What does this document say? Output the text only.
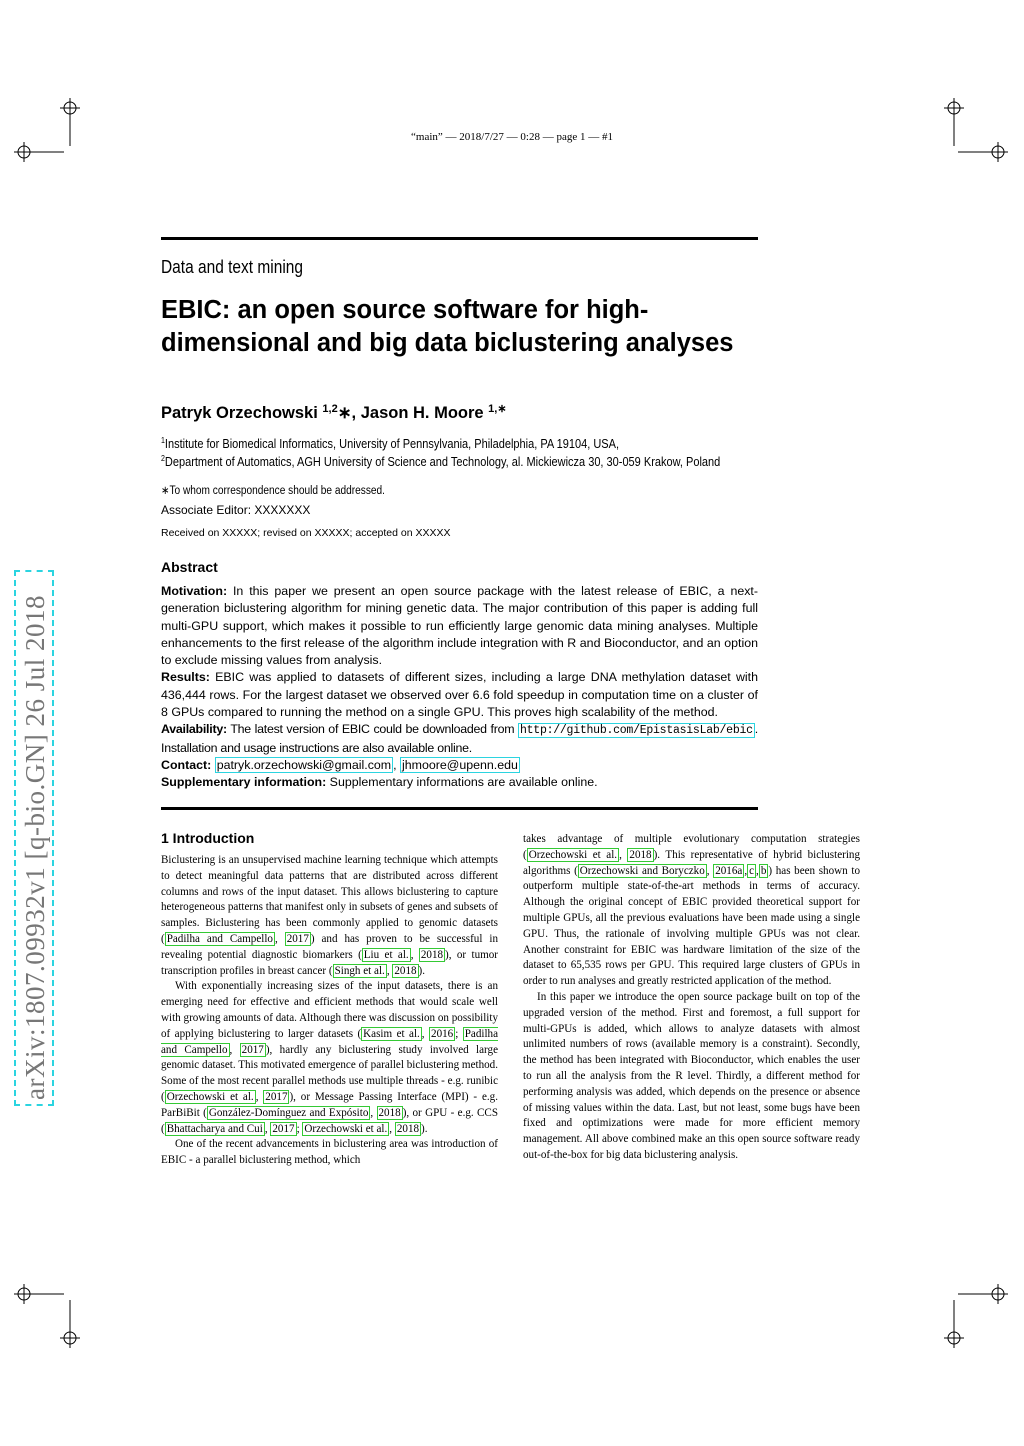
“main” — 2018/7/27 — 0:28 — page 1 — #1
Data and text mining
EBIC: an open source software for high-dimensional and big data biclustering analyses
Patryk Orzechowski $^{1,2}$∗, Jason H. Moore $^{1,∗}$
$^1$Institute for Biomedical Informatics, University of Pennsylvania, Philadelphia, PA 19104, USA,
$^2$Department of Automatics, AGH University of Science and Technology, al. Mickiewicza 30, 30-059 Krakow, Poland
∗To whom correspondence should be addressed.
Associate Editor: XXXXXXX
Received on XXXXX; revised on XXXXX; accepted on XXXXX
Abstract

Motivation: In this paper we present an open source package with the latest release of EBIC, a next-generation biclustering algorithm for mining genetic data. The major contribution of this paper is adding full multi-GPU support, which makes it possible to run efficiently large genomic data mining analyses. Multiple enhancements to the first release of the algorithm include integration with R and Bioconductor, and an option to exclude missing values from analysis.

Results: EBIC was applied to datasets of different sizes, including a large DNA methylation dataset with 436,444 rows. For the largest dataset we observed over 6.6 fold speedup in computation time on a cluster of 8 GPUs compared to running the method on a single GPU. This proves high scalability of the method.

Availability: The latest version of EBIC could be downloaded from http://github.com/EpistasisLab/ebic . Installation and usage instructions are also available online.

Contact: patryk.orzechowski@gmail.com , jhmoore@upenn.edu

Supplementary information: Supplementary informations are available online.

1 Introduction

Biclustering is an unsupervised machine learning technique which attempts to detect meaningful data patterns that are distributed across different columns and rows of the input dataset. This allows biclustering to capture heterogeneous patterns that manifest only in subsets of genes and subsets of samples. Biclustering has been commonly applied to genomic datasets ( Padilha and Campello , 2017 ) and has proven to be successful in revealing potential diagnostic biomarkers ( Liu et al. , 2018 ), or tumor transcription profiles in breast cancer ( Singh et al. , 2018 ).

With exponentially increasing sizes of the input datasets, there is an emerging need for effective and efficient methods that would scale well with growing amounts of data. Although there was discussion on possibility of applying biclustering to larger datasets ( Kasim et al. , 2016 ; Padilha and Campello , 2017 ), hardly any biclustering study involved large genomic dataset. This motivated emergence of parallel biclustering method. Some of the most recent parallel methods use multiple threads - e.g. runibic ( Orzechowski et al. , 2017 ), or Message Passing Interface (MPI) - e.g. ParBiBit ( González-Domínguez and Expósito , 2018 ), or GPU - e.g. CCS ( Bhattacharya and Cui , 2017 ; Orzechowski et al. , 2018 ).

One of the recent advancements in biclustering area was introduction of EBIC - a parallel biclustering method, which

takes advantage of multiple evolutionary computation strategies ( Orzechowski et al. , 2018 ). This representative of hybrid biclustering algorithms ( Orzechowski and Boryczko , 2016a , c , b ) has been shown to outperform multiple state-of-the-art methods in terms of accuracy. Although the original concept of EBIC provided theoretical support for multiple GPUs, all the previous evaluations have been made using a single GPU. Thus, the rationale of involving multiple GPUs was not clear. Another constraint for EBIC was hardware limitation of the size of the dataset to 65,535 rows per GPU. This required large clusters of GPUs in order to run analyses and greatly restricted application of the method.

In this paper we introduce the open source package built on top of the upgraded version of the method. First and foremost, a full support for multi-GPUs is added, which allows to analyze datasets with almost unlimited numbers of rows (available memory is a constraint). Secondly, the method has been integrated with Bioconductor, which enables the user to run all the analysis from the R level. Thirdly, a different method for performing analysis was added, which depends on the presence or absence of missing values within the data. Last, but not least, some bugs have been fixed and optimizations were made for more efficient memory management. All above combined make an this open source software ready out-of-the-box for big data biclustering analysis.

arXiv:1807.09932v1 [q-bio.GN] 26 Jul 2018
